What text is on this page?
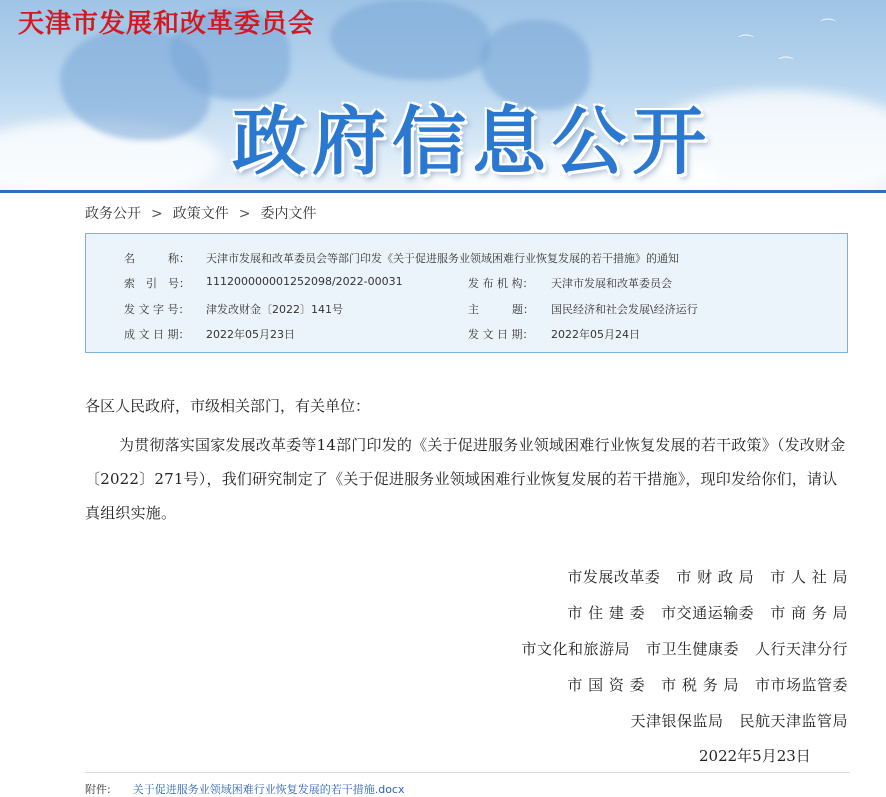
⌒
⌒
⌒
天津市发展和改革委员会
政府信息公开
政务公开 > 政策文件 > 委内文件
名　　　称： 天津市发展和改革委员会等部门印发《关于促进服务业领域困难行业恢复发展的若干措施》的通知
索　引　号： 111200000001252098/2022-00031	发 布 机 构： 天津市发展和改革委员会
发 文 字 号： 津发改财金〔2022〕141号	主　　　题： 国民经济和社会发展\经济运行
成 文 日 期： 2022年05月23日	发 文 日 期： 2022年05月24日
各区人民政府，市级相关部门，有关单位：
为贯彻落实国家发展改革委等14部门印发的《关于促进服务业领域困难行业恢复发展的若干政策》（发改财金〔2022〕271号），我们研究制定了《关于促进服务业领域困难行业恢复发展的若干措施》，现印发给你们，请认真组织实施。
市发展改革委 市 财 政 局 市 人 社 局
市 住 建 委 市交通运输委 市 商 务 局
市文化和旅游局 市卫生健康委 人行天津分行
市 国 资 委 市 税 务 局 市市场监管委
天津银保监局 民航天津监管局
2022年5月23日
附件: 关于促进服务业领域困难行业恢复发展的若干措施.docx
